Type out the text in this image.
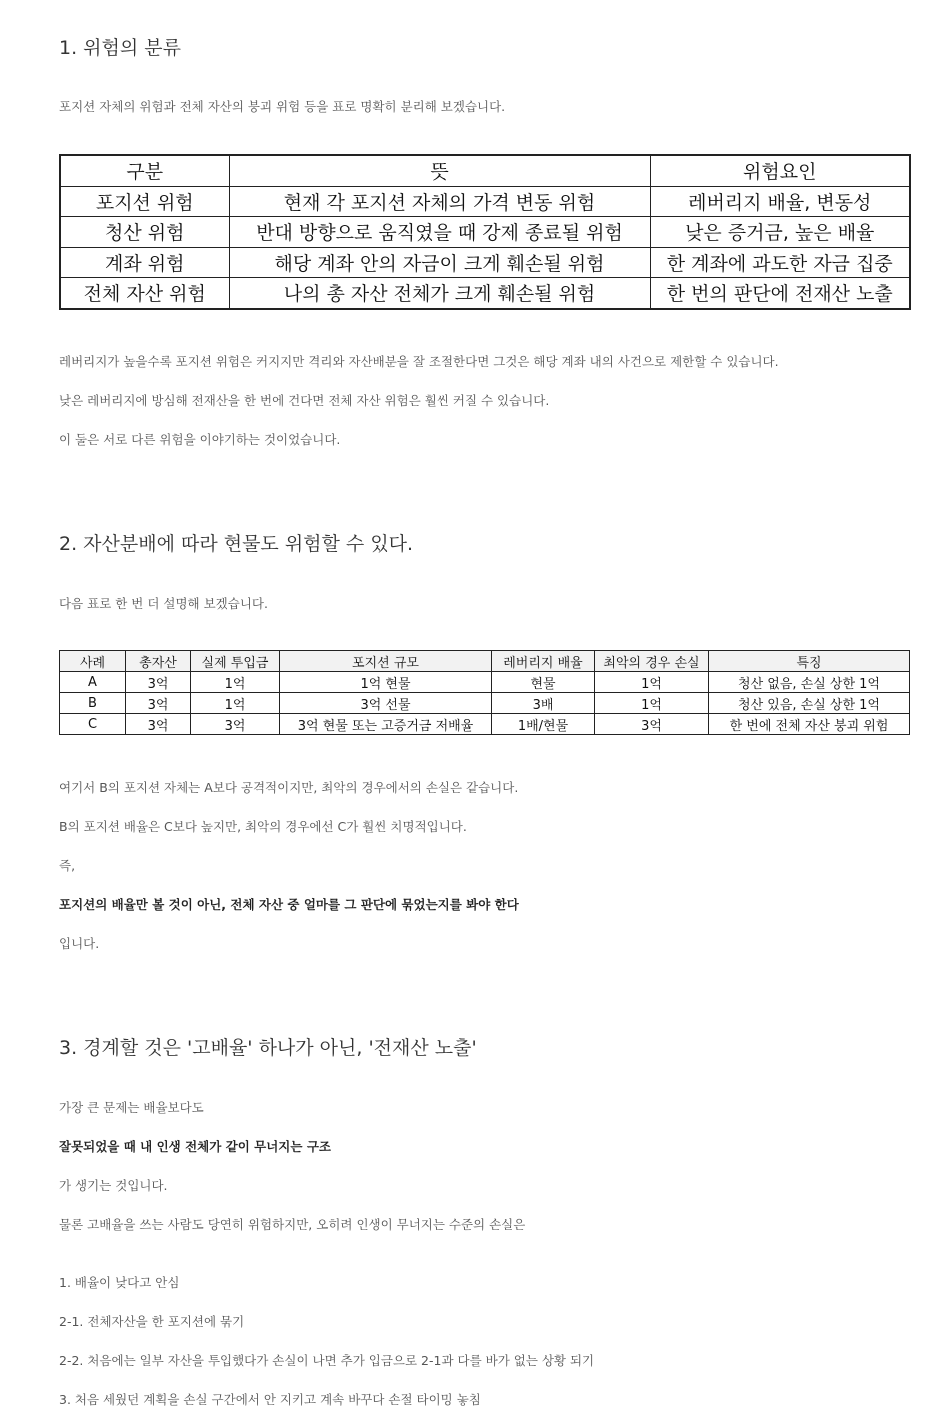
1. 위험의 분류

포지션 자체의 위험과 전체 자산의 붕괴 위험 등을 표로 명확히 분리해 보겠습니다.

구분	뜻	위험요인
포지션 위험	현재 각 포지션 자체의 가격 변동 위험	레버리지 배율, 변동성
청산 위험	반대 방향으로 움직였을 때 강제 종료될 위험	낮은 증거금, 높은 배율
계좌 위험	해당 계좌 안의 자금이 크게 훼손될 위험	한 계좌에 과도한 자금 집중
전체 자산 위험	나의 총 자산 전체가 크게 훼손될 위험	한 번의 판단에 전재산 노출

레버리지가 높을수록 포지션 위험은 커지지만 격리와 자산배분을 잘 조절한다면 그것은 해당 계좌 내의 사건으로 제한할 수 있습니다.

낮은 레버리지에 방심해 전재산을 한 번에 건다면 전체 자산 위험은 훨씬 커질 수 있습니다.

이 둘은 서로 다른 위험을 이야기하는 것이었습니다.

2. 자산분배에 따라 현물도 위험할 수 있다.

다음 표로 한 번 더 설명해 보겠습니다.

사례	총자산	실제 투입금	포지션 규모	레버리지 배율	최악의 경우 손실	특징
A	3억	1억	1억 현물	현물	1억	청산 없음, 손실 상한 1억
B	3억	1억	3억 선물	3배	1억	청산 있음, 손실 상한 1억
C	3억	3억	3억 현물 또는 고증거금 저배율	1배/현물	3억	한 번에 전체 자산 붕괴 위험

여기서 B의 포지션 자체는 A보다 공격적이지만, 최악의 경우에서의 손실은 같습니다.

B의 포지션 배율은 C보다 높지만, 최악의 경우에선 C가 훨씬 치명적입니다.

즉,

포지션의 배율만 볼 것이 아닌, 전체 자산 중 얼마를 그 판단에 묶었는지를 봐야 한다

입니다.

3. 경계할 것은 '고배율' 하나가 아닌, '전재산 노출'

가장 큰 문제는 배율보다도

잘못되었을 때 내 인생 전체가 같이 무너지는 구조

가 생기는 것입니다.

물론 고배율을 쓰는 사람도 당연히 위험하지만, 오히려 인생이 무너지는 수준의 손실은

1. 배율이 낮다고 안심

2-1. 전체자산을 한 포지션에 묶기

2-2. 처음에는 일부 자산을 투입했다가 손실이 나면 추가 입금으로 2-1과 다를 바가 없는 상황 되기

3. 처음 세웠던 계획을 손실 구간에서 안 지키고 계속 바꾸다 손절 타이밍 놓침
